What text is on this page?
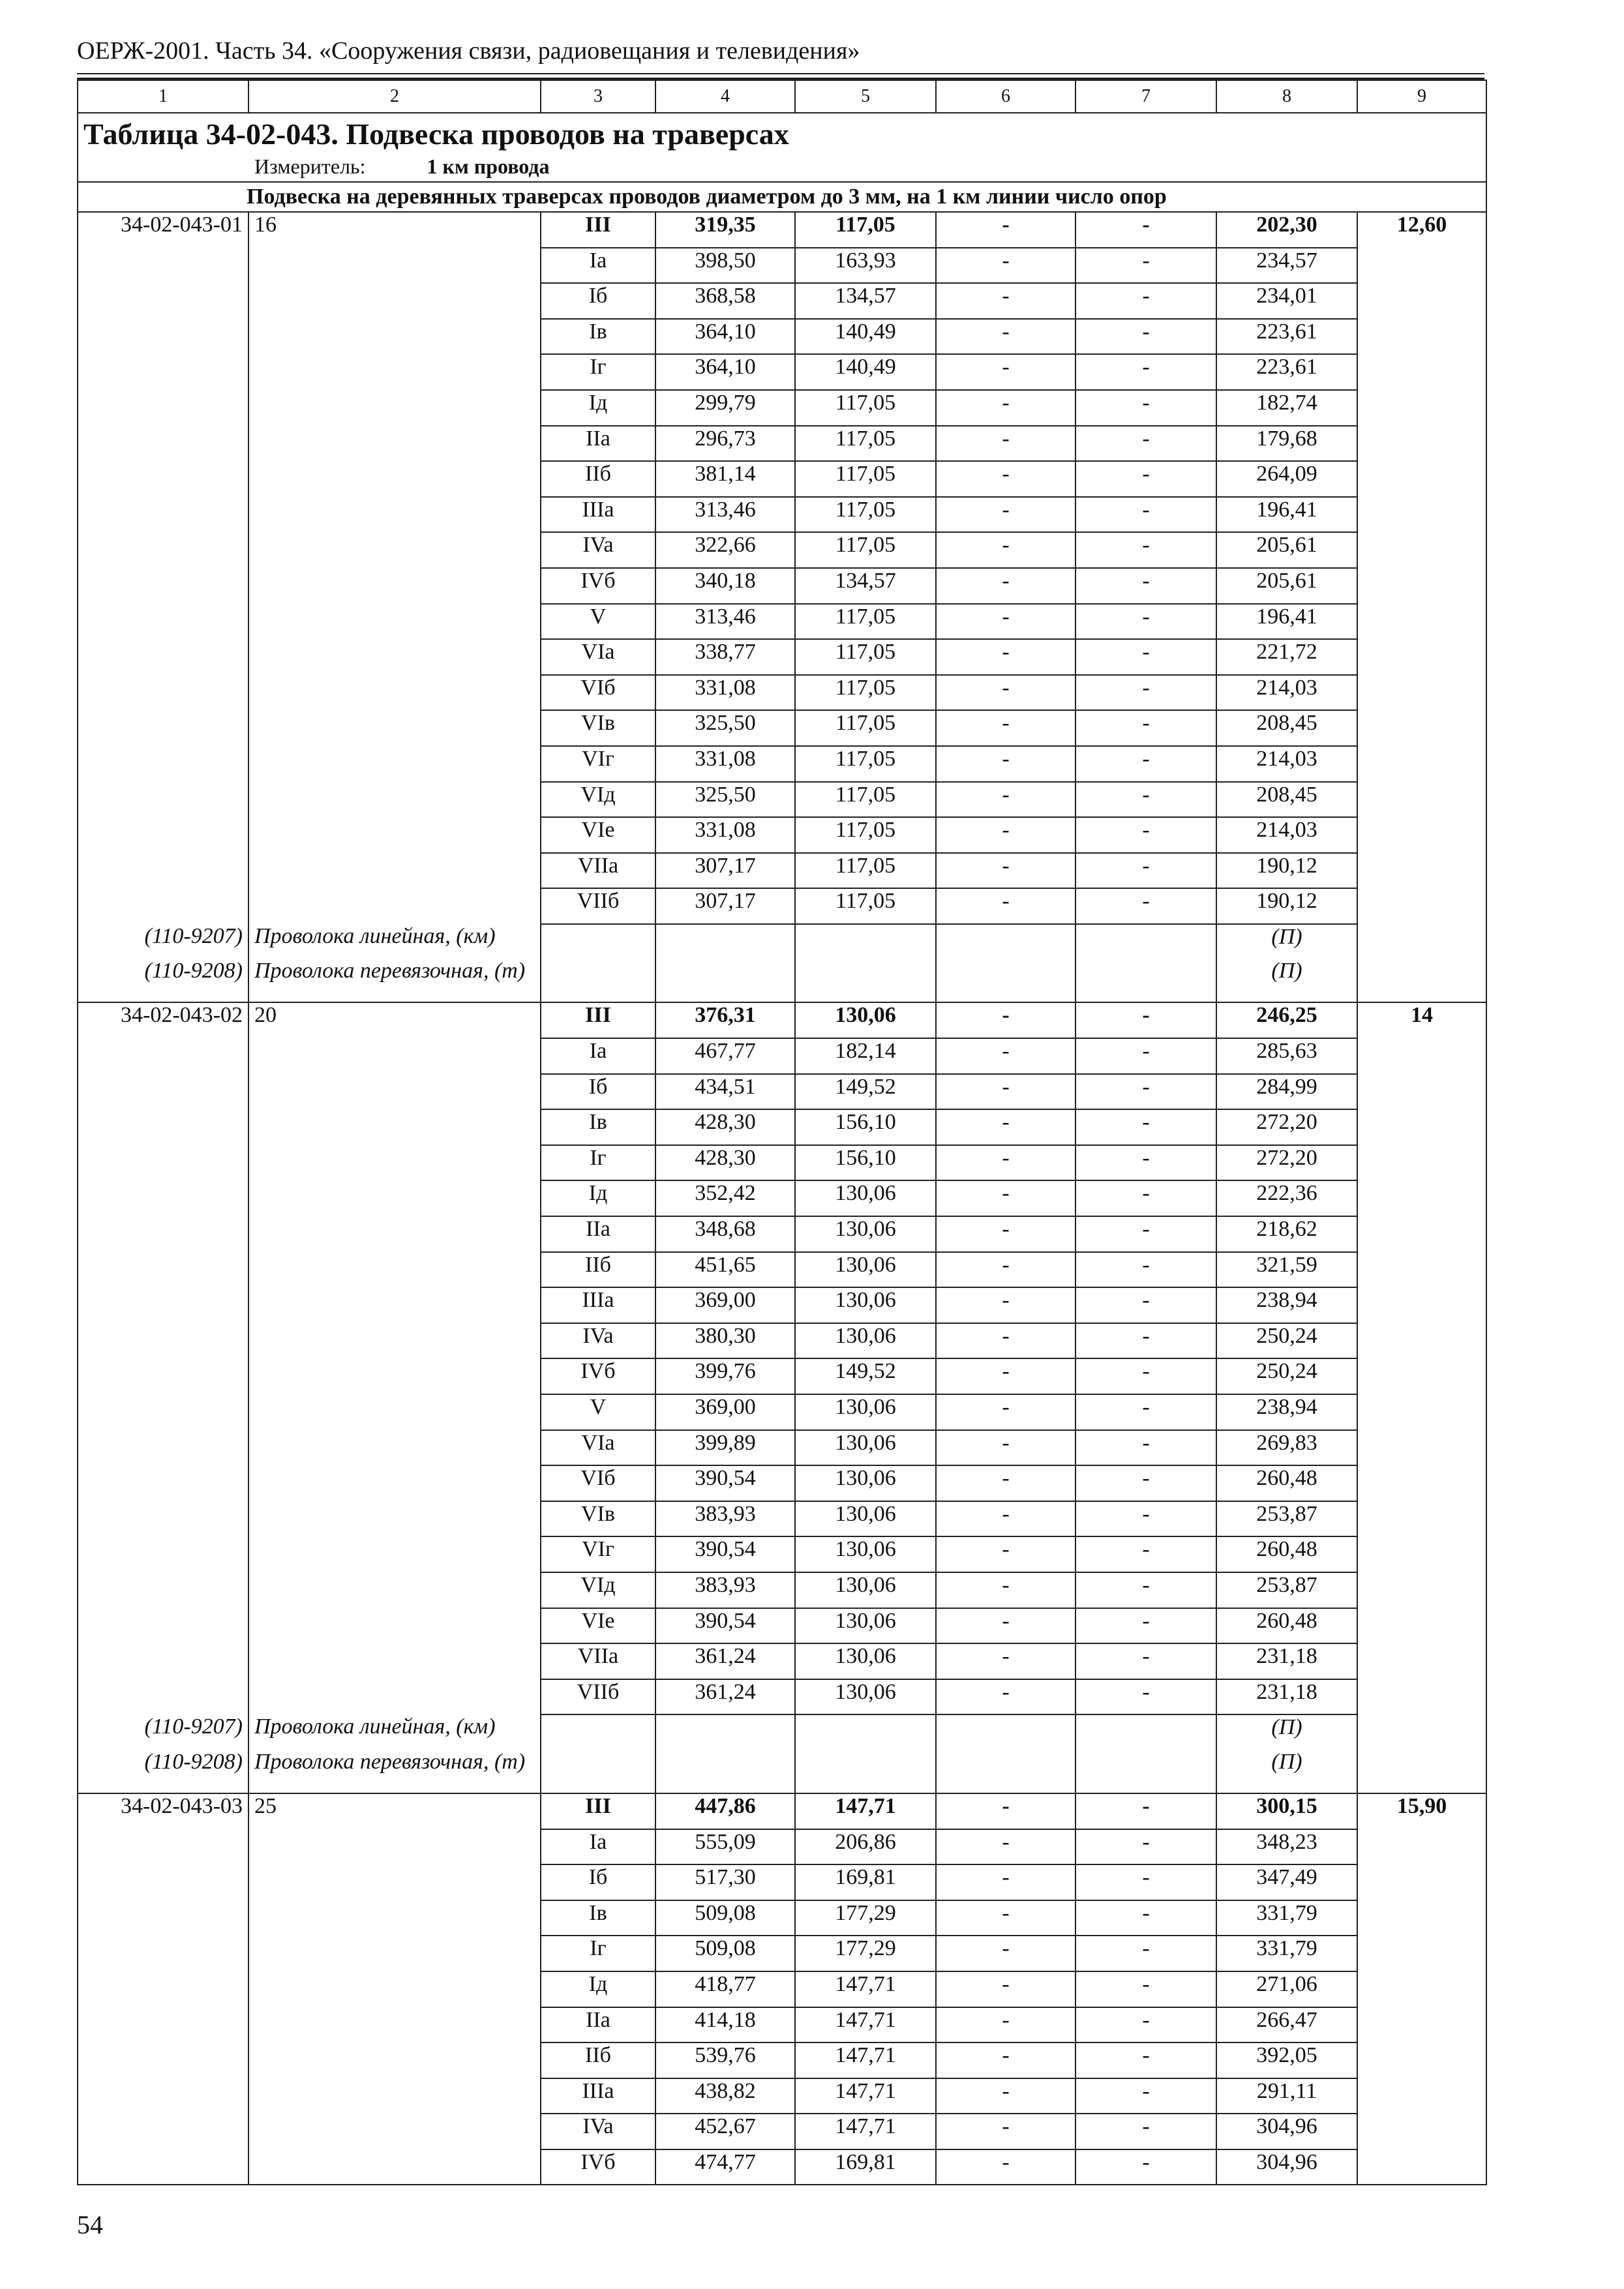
ОЕРЖ-2001. Часть 34. «Сооружения связи, радиовещания и телевидения»
1	2	3	4	5	6	7	8	9
Таблица 34-02-043. Подвеска проводов на траверсах								
Измеритель: 1 км провода								
Подвеска на деревянных траверсах проводов диаметром до 3 мм, на 1 км линии число опор								
34-02-043-01	16	III	319,35	117,05	-	-	202,30	12,60
		Ia	398,50	163,93	-	-	234,57	
		Iб	368,58	134,57	-	-	234,01	
		Iв	364,10	140,49	-	-	223,61	
		Iг	364,10	140,49	-	-	223,61	
		Iд	299,79	117,05	-	-	182,74	
		IIa	296,73	117,05	-	-	179,68	
		IIб	381,14	117,05	-	-	264,09	
		IIIa	313,46	117,05	-	-	196,41	
		IVa	322,66	117,05	-	-	205,61	
		IVб	340,18	134,57	-	-	205,61	
		V	313,46	117,05	-	-	196,41	
		VIa	338,77	117,05	-	-	221,72	
		VIб	331,08	117,05	-	-	214,03	
		VIв	325,50	117,05	-	-	208,45	
		VIг	331,08	117,05	-	-	214,03	
		VIд	325,50	117,05	-	-	208,45	
		VIe	331,08	117,05	-	-	214,03	
		VIIa	307,17	117,05	-	-	190,12	
		VIIб	307,17	117,05	-	-	190,12	
(110-9207)	Проволока линейная, (км)						(П)	
(110-9208)	Проволока перевязочная, (т)						(П)	
34-02-043-02	20	III	376,31	130,06	-	-	246,25	14
		Ia	467,77	182,14	-	-	285,63	
		Iб	434,51	149,52	-	-	284,99	
		Iв	428,30	156,10	-	-	272,20	
		Iг	428,30	156,10	-	-	272,20	
		Iд	352,42	130,06	-	-	222,36	
		IIa	348,68	130,06	-	-	218,62	
		IIб	451,65	130,06	-	-	321,59	
		IIIa	369,00	130,06	-	-	238,94	
		IVa	380,30	130,06	-	-	250,24	
		IVб	399,76	149,52	-	-	250,24	
		V	369,00	130,06	-	-	238,94	
		VIa	399,89	130,06	-	-	269,83	
		VIб	390,54	130,06	-	-	260,48	
		VIв	383,93	130,06	-	-	253,87	
		VIг	390,54	130,06	-	-	260,48	
		VIд	383,93	130,06	-	-	253,87	
		VIe	390,54	130,06	-	-	260,48	
		VIIa	361,24	130,06	-	-	231,18	
		VIIб	361,24	130,06	-	-	231,18	
(110-9207)	Проволока линейная, (км)						(П)	
(110-9208)	Проволока перевязочная, (т)						(П)	
34-02-043-03	25	III	447,86	147,71	-	-	300,15	15,90
		Ia	555,09	206,86	-	-	348,23	
		Iб	517,30	169,81	-	-	347,49	
		Iв	509,08	177,29	-	-	331,79	
		Iг	509,08	177,29	-	-	331,79	
		Iд	418,77	147,71	-	-	271,06	
		IIa	414,18	147,71	-	-	266,47	
		IIб	539,76	147,71	-	-	392,05	
		IIIa	438,82	147,71	-	-	291,11	
		IVa	452,67	147,71	-	-	304,96	
		IVб	474,77	169,81	-	-	304,96	
54
